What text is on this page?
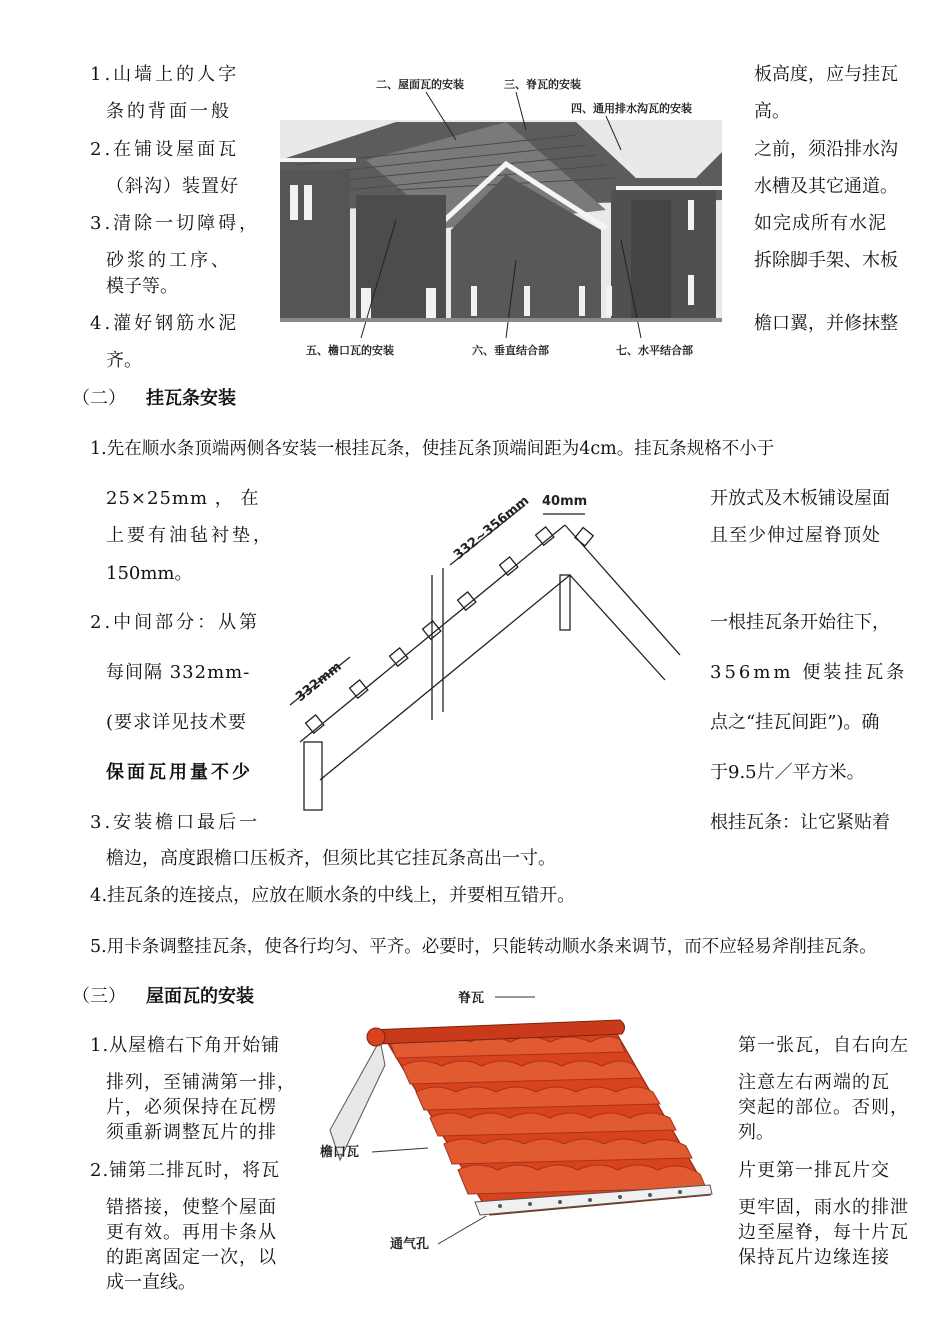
1.山墙上的人字
条的背面一般
2.在铺设屋面瓦
（斜沟）装置好
3.清除一切障碍，
砂浆的工序、
模子等。
4.灌好钢筋水泥
齐。
板高度，应与挂瓦
高。
之前，须沿排水沟
水槽及其它通道。
如完成所有水泥
拆除脚手架、木板
檐口翼，并修抹整
二、屋面瓦的安装	三、脊瓦的安装
四、通用排水沟瓦的安装
五、檐口瓦的安装	六、垂直结合部	七、水平结合部
（二） 挂瓦条安装
1.先在顺水条顶端两侧各安装一根挂瓦条，使挂瓦条顶端间距为4cm。挂瓦条规格不小于
25×25mm ， 在
上要有油毡衬垫，
150mm。
2.中间部分：从第
每间隔 332mm-
(要求详见技术要
保面瓦用量不少
3.安装檐口最后一
开放式及木板铺设屋面
且至少伸过屋脊顶处
一根挂瓦条开始往下，
356mm 便装挂瓦条
点之“挂瓦间距”)。确
于9.5片／平方米。
根挂瓦条：让它紧贴着
檐边，高度跟檐口压板齐，但须比其它挂瓦条高出一寸。
4.挂瓦条的连接点，应放在顺水条的中线上，并要相互错开。
5.用卡条调整挂瓦条，使各行均匀、平齐。必要时，只能转动顺水条来调节，而不应轻易斧削挂瓦条。
332~356mm 40mm
332mm
（三） 屋面瓦的安装
1.从屋檐右下角开始铺
排列，至铺满第一排，
片，必须保持在瓦楞
须重新调整瓦片的排
2.铺第二排瓦时，将瓦
错搭接，使整个屋面
更有效。再用卡条从
的距离固定一次，以
成一直线。
第一张瓦，自右向左
注意左右两端的瓦
突起的部位。否则，
列。
片更第一排瓦片交
更牢固，雨水的排泄
边至屋脊，每十片瓦
保持瓦片边缘连接
脊瓦
檐口瓦
通气孔
